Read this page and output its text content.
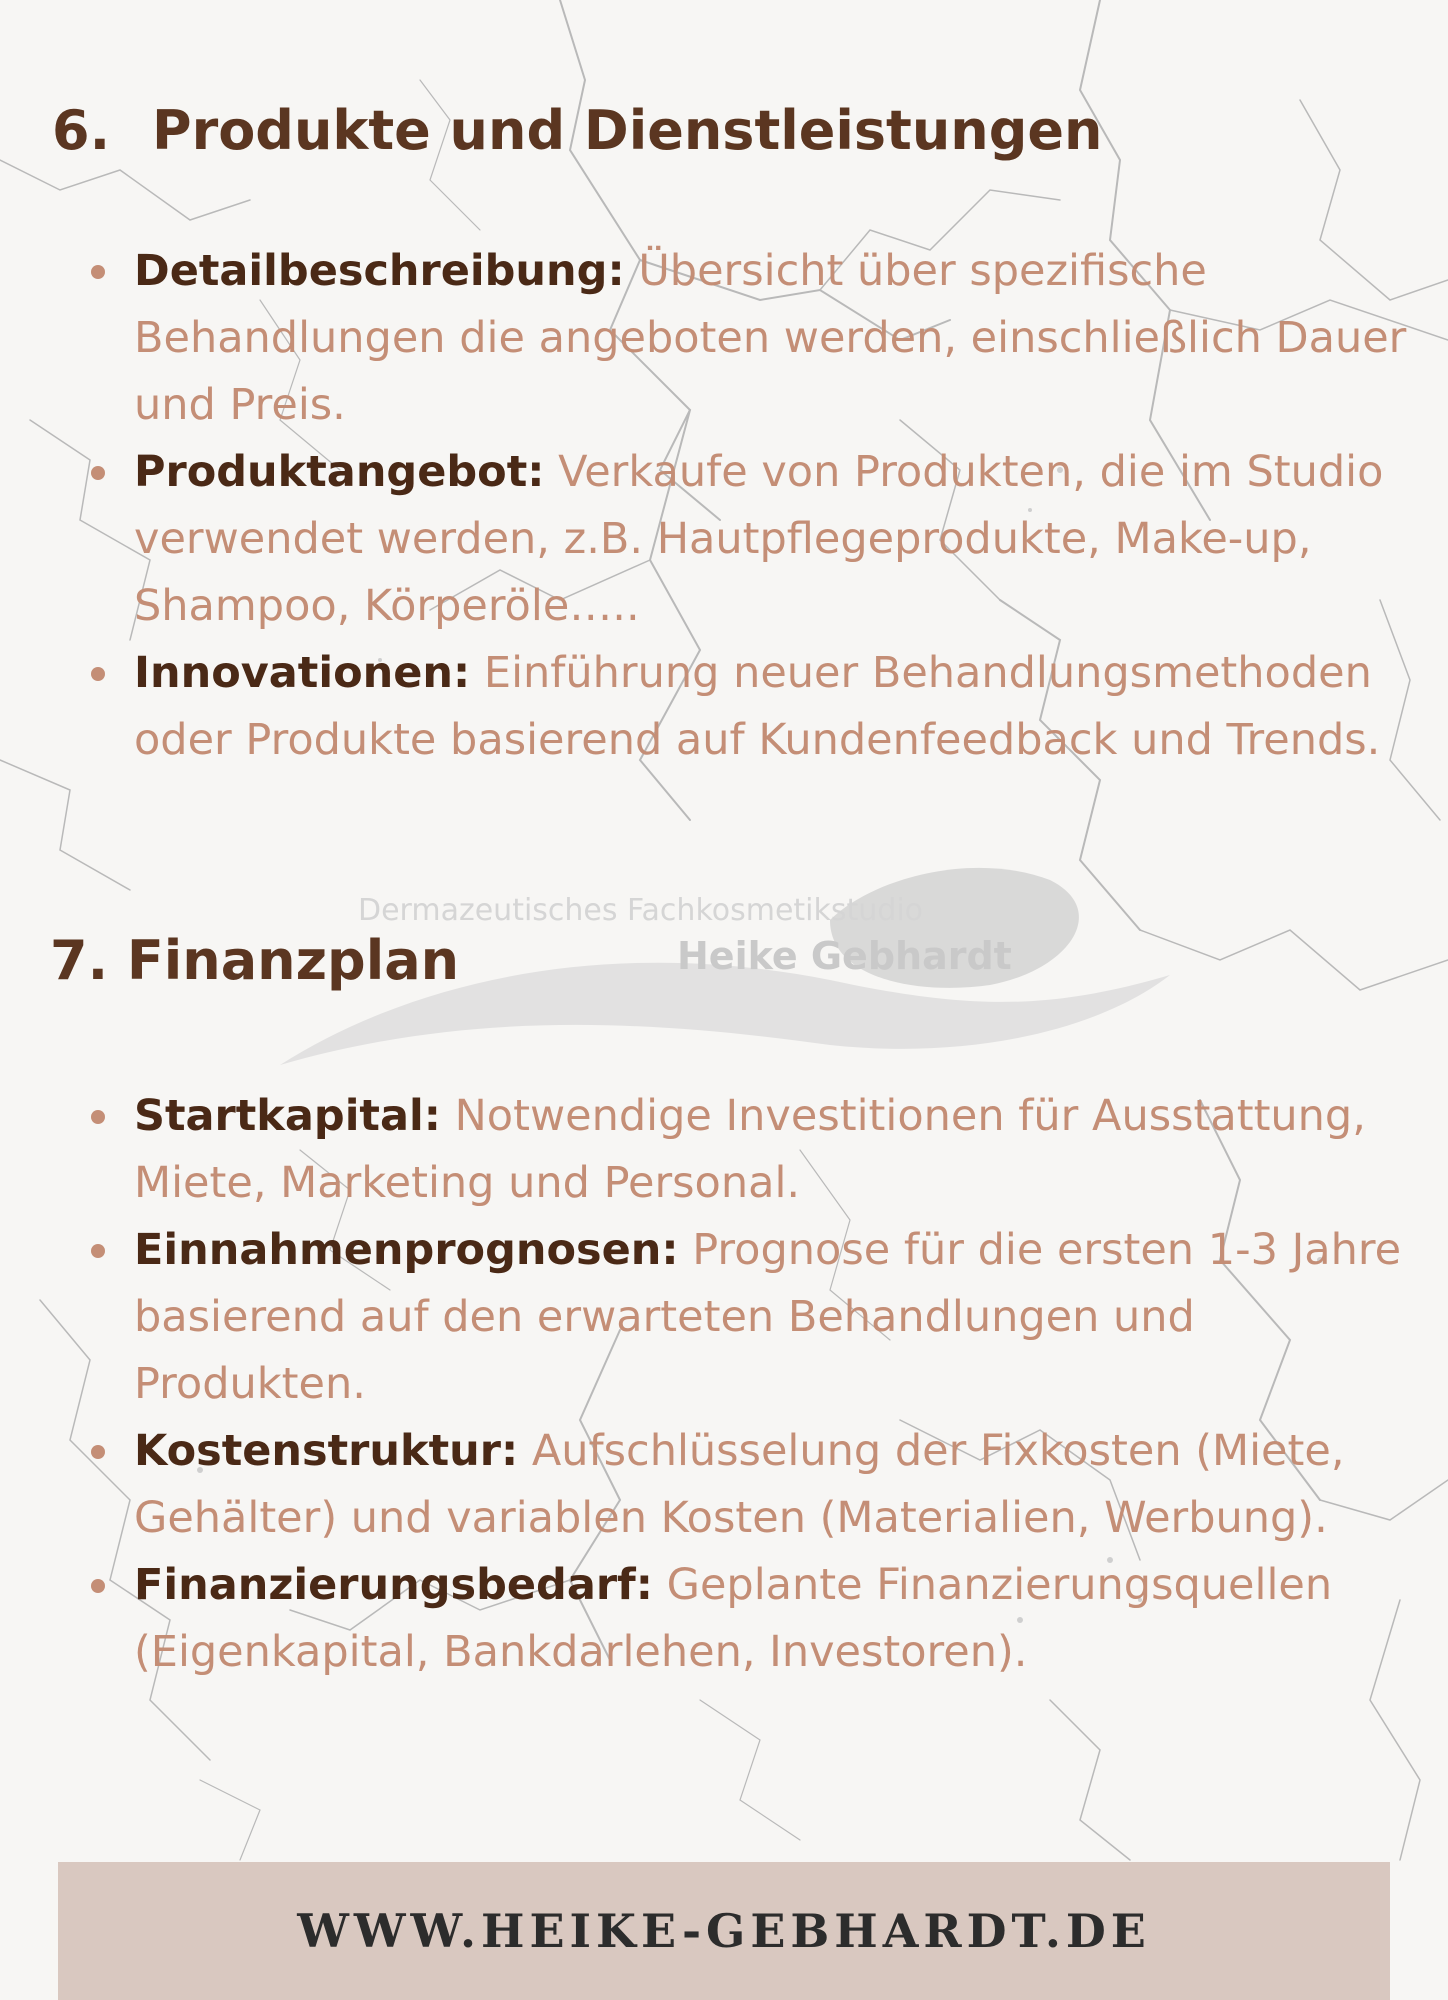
Dermazeutisches Fachkosmetikstudio
Heike Gebhardt
6. Produkte und Dienstleistungen
Detailbeschreibung: Übersicht über spezifische Behandlungen die angeboten werden, einschließlich Dauer und Preis.
Produktangebot: Verkaufe von Produkten, die im Studio verwendet werden, z.B. Hautpflegeprodukte, Make-up, Shampoo, Körperöle…..
Innovationen: Einführung neuer Behandlungsmethoden oder Produkte basierend auf Kundenfeedback und Trends.
7. Finanzplan
Startkapital: Notwendige Investitionen für Ausstattung, Miete, Marketing und Personal.
Einnahmenprognosen: Prognose für die ersten 1-3 Jahre basierend auf den erwarteten Behandlungen und Produkten.
Kostenstruktur: Aufschlüsselung der Fixkosten (Miete, Gehälter) und variablen Kosten (Materialien, Werbung).
Finanzierungsbedarf: Geplante Finanzierungsquellen (Eigenkapital, Bankdarlehen, Investoren).
WWW.HEIKE-GEBHARDT.DE
